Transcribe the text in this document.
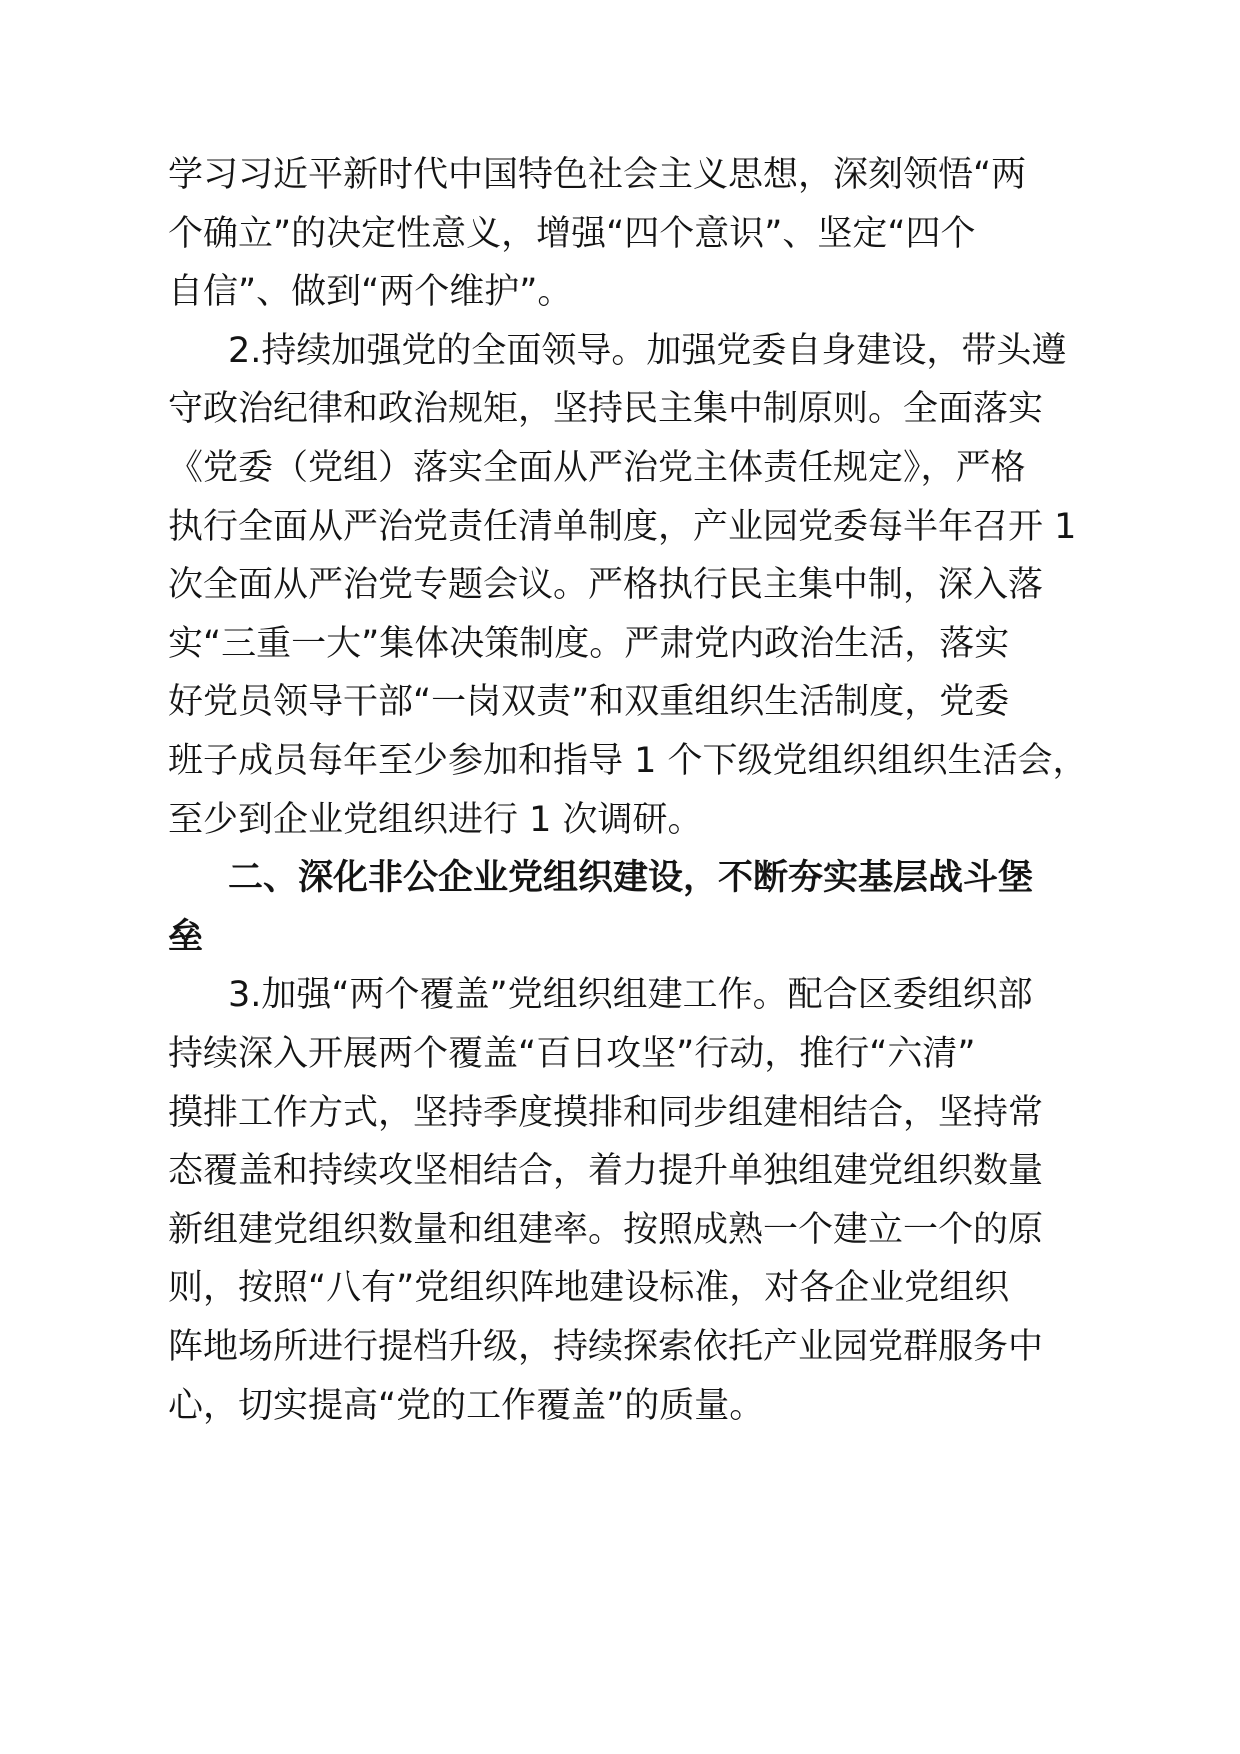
学习习近平新时代中国特色社会主义思想，深刻领悟“两
个确立”的决定性意义，增强“四个意识”、坚定“四个
自信”、做到“两个维护”。
2.持续加强党的全面领导。加强党委自身建设，带头遵
守政治纪律和政治规矩，坚持民主集中制原则。全面落实
《党委（党组）落实全面从严治党主体责任规定》，严格
执行全面从严治党责任清单制度，产业园党委每半年召开 1
次全面从严治党专题会议。严格执行民主集中制，深入落
实“三重一大”集体决策制度。严肃党内政治生活，落实
好党员领导干部“一岗双责”和双重组织生活制度，党委
班子成员每年至少参加和指导 1 个下级党组织组织生活会，
至少到企业党组织进行 1 次调研。
二、深化非公企业党组织建设，不断夯实基层战斗堡
垒
3.加强“两个覆盖”党组织组建工作。配合区委组织部
持续深入开展两个覆盖“百日攻坚”行动，推行“六清”
摸排工作方式，坚持季度摸排和同步组建相结合，坚持常
态覆盖和持续攻坚相结合，着力提升单独组建党组织数量
新组建党组织数量和组建率。按照成熟一个建立一个的原
则，按照“八有”党组织阵地建设标准，对各企业党组织
阵地场所进行提档升级，持续探索依托产业园党群服务中
心，切实提高“党的工作覆盖”的质量。
